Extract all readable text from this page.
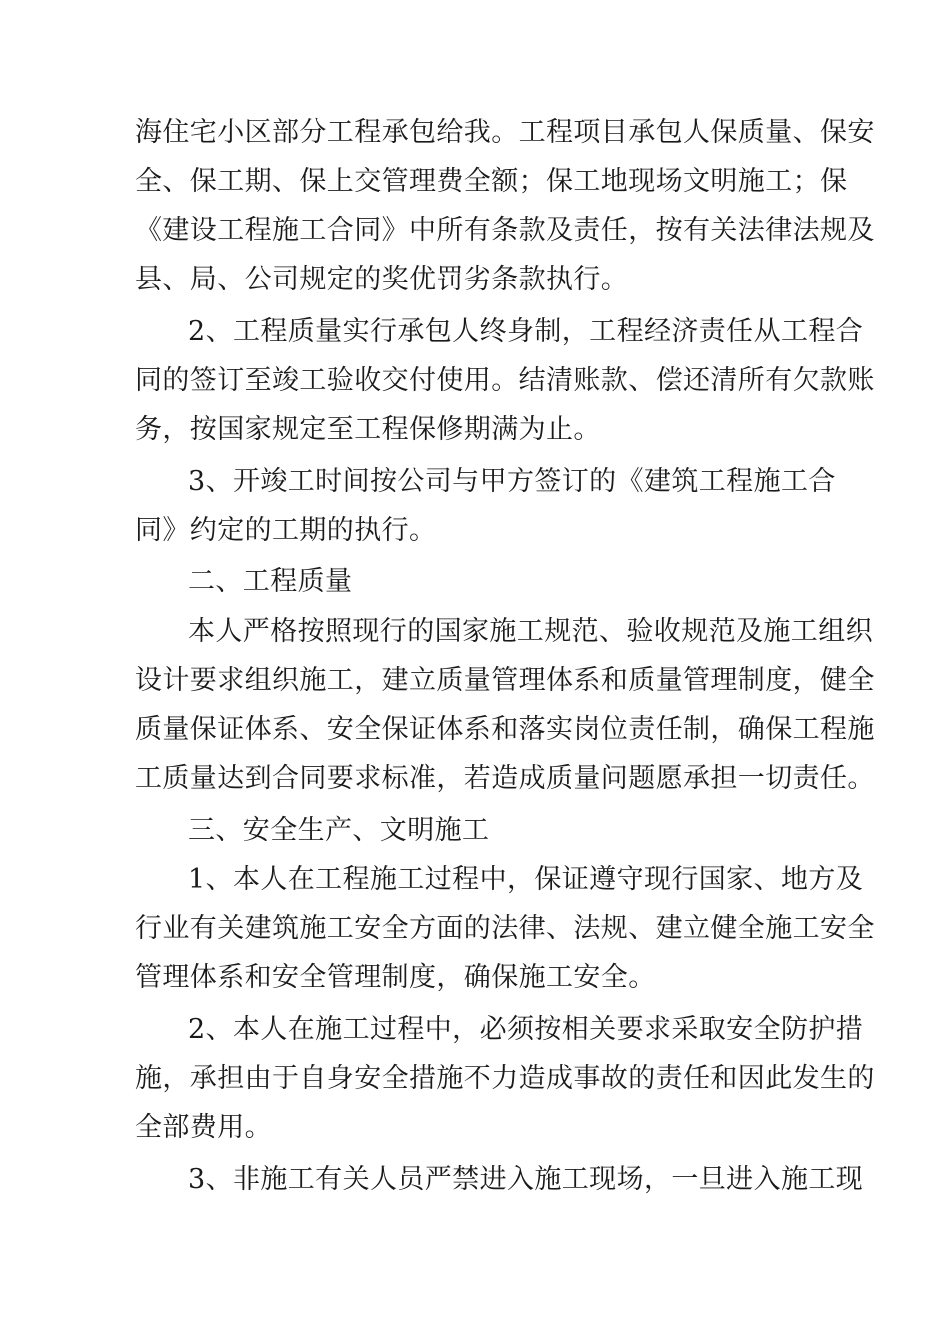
海住宅小区部分工程承包给我。工程项目承包人保质量、保安
全、保工期、保上交管理费全额；保工地现场文明施工；保
《建设工程施工合同》中所有条款及责任，按有关法律法规及
县、局、公司规定的奖优罚劣条款执行。
2、工程质量实行承包人终身制，工程经济责任从工程合
同的签订至竣工验收交付使用。结清账款、偿还清所有欠款账
务，按国家规定至工程保修期满为止。
3、开竣工时间按公司与甲方签订的《建筑工程施工合
同》约定的工期的执行。
二、工程质量
本人严格按照现行的国家施工规范、验收规范及施工组织
设计要求组织施工，建立质量管理体系和质量管理制度，健全
质量保证体系、安全保证体系和落实岗位责任制，确保工程施
工质量达到合同要求标准，若造成质量问题愿承担一切责任。
三、安全生产、文明施工
1、本人在工程施工过程中，保证遵守现行国家、地方及
行业有关建筑施工安全方面的法律、法规、建立健全施工安全
管理体系和安全管理制度，确保施工安全。
2、本人在施工过程中，必须按相关要求采取安全防护措
施，承担由于自身安全措施不力造成事故的责任和因此发生的
全部费用。
3、非施工有关人员严禁进入施工现场，一旦进入施工现
